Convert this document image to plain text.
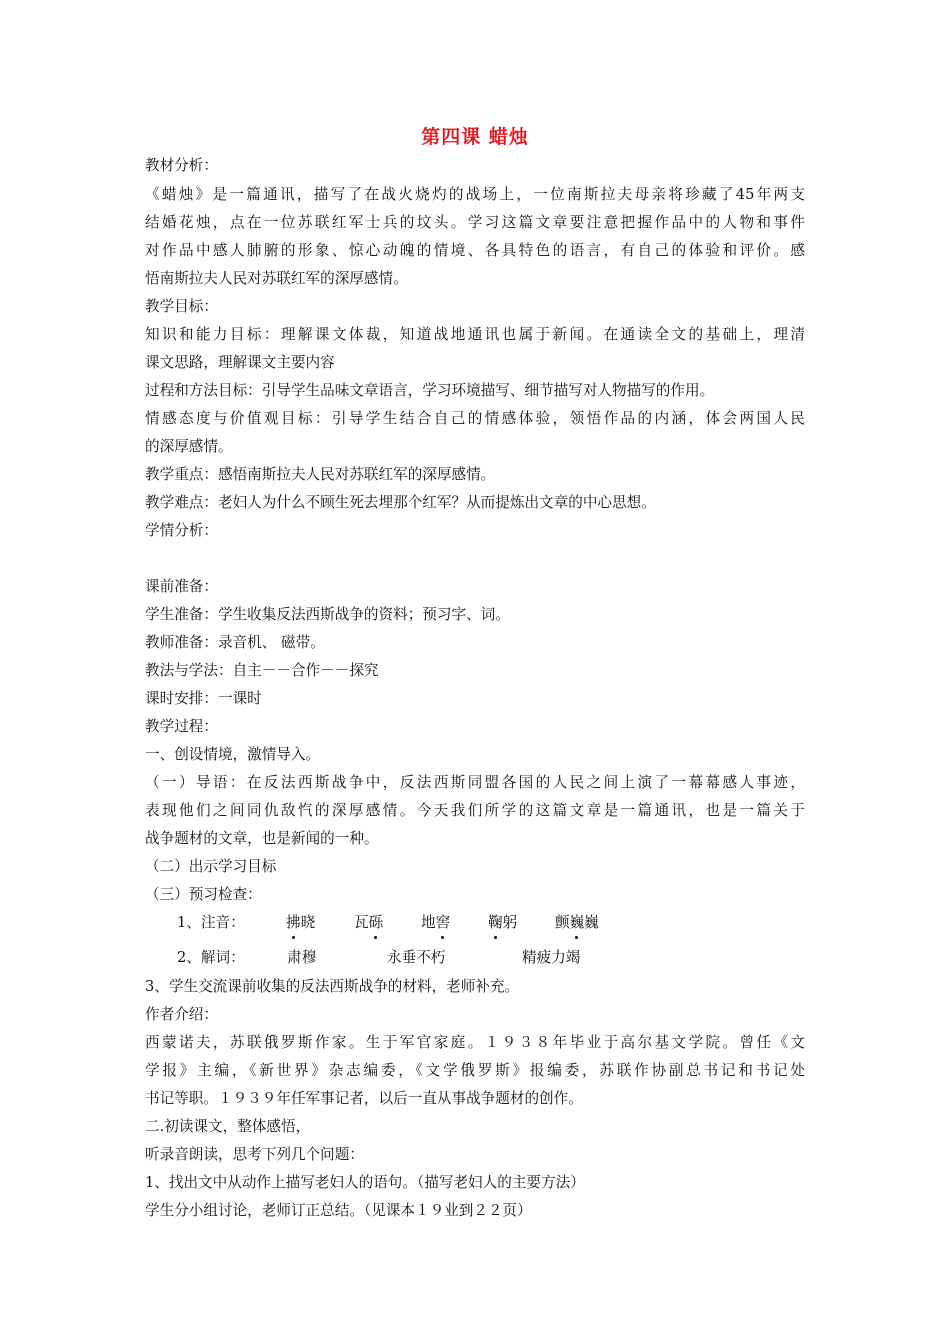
第四课 蜡烛
教材分析：
《蜡烛》是一篇通讯，描写了在战火烧灼的战场上，一位南斯拉夫母亲将珍藏了45年两支
结婚花烛，点在一位苏联红军士兵的坟头。学习这篇文章要注意把握作品中的人物和事件
对作品中感人肺腑的形象、惊心动魄的情境、各具特色的语言，有自己的体验和评价。感
悟南斯拉夫人民对苏联红军的深厚感情。
教学目标：
知识和能力目标：理解课文体裁，知道战地通讯也属于新闻。在通读全文的基础上，理清
课文思路，理解课文主要内容
过程和方法目标：引导学生品味文章语言，学习环境描写、细节描写对人物描写的作用。
情感态度与价值观目标：引导学生结合自己的情感体验，领悟作品的内涵，体会两国人民
的深厚感情。
教学重点：感悟南斯拉夫人民对苏联红军的深厚感情。
教学难点：老妇人为什么不顾生死去埋那个红军？从而提炼出文章的中心思想。
学情分析：
课前准备：
学生准备：学生收集反法西斯战争的资料；预习字、词。
教师准备：录音机、 磁带。
教法与学法：自主－－合作－－探究
课时安排：一课时
教学过程：
一、创设情境，激情导入。
（一）导语：在反法西斯战争中，反法西斯同盟各国的人民之间上演了一幕幕感人事迹，
表现他们之间同仇敌忾的深厚感情。今天我们所学的这篇文章是一篇通讯，也是一篇关于
战争题材的文章，也是新闻的一种。
（二）出示学习目标
（三）预习检查：
1、注音：	拂晓	瓦砾	地窖	鞠躬	颤巍巍
2、解词：	肃穆	永垂不朽	精疲力竭
3、学生交流课前收集的反法西斯战争的材料，老师补充。
作者介绍：
西蒙诺夫，苏联俄罗斯作家。生于军官家庭。１９３８年毕业于高尔基文学院。曾任《文
学报》主编，《新世界》杂志编委，《文学俄罗斯》报编委，苏联作协副总书记和书记处
书记等职。１９３９年任军事记者，以后一直从事战争题材的创作。
二.初读课文，整体感悟，
听录音朗读，思考下列几个问题：
1、找出文中从动作上描写老妇人的语句。（描写老妇人的主要方法）
学生分小组讨论，老师订正总结。（见课本１９业到２２页）
